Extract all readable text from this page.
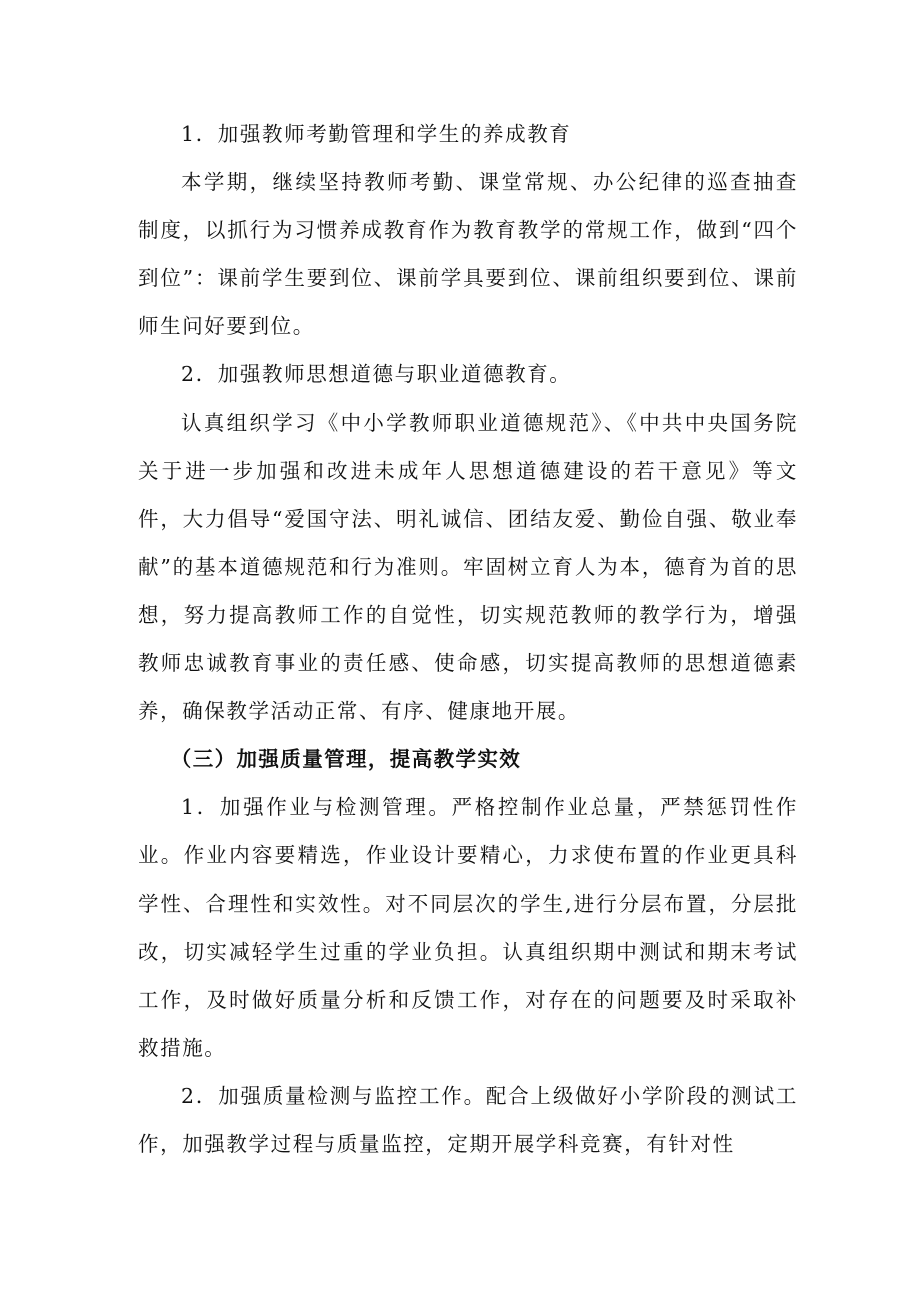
1．加强教师考勤管理和学生的养成教育

本学期，继续坚持教师考勤、课堂常规、办公纪律的巡查抽查制度，以抓行为习惯养成教育作为教育教学的常规工作，做到“四个到位”：课前学生要到位、课前学具要到位、课前组织要到位、课前师生问好要到位。

2．加强教师思想道德与职业道德教育。

认真组织学习《中小学教师职业道德规范》、《中共中央国务院关于进一步加强和改进未成年人思想道德建设的若干意见》等文件，大力倡导“爱国守法、明礼诚信、团结友爱、勤俭自强、敬业奉献”的基本道德规范和行为准则。牢固树立育人为本，德育为首的思想，努力提高教师工作的自觉性，切实规范教师的教学行为，增强教师忠诚教育事业的责任感、使命感，切实提高教师的思想道德素养，确保教学活动正常、有序、健康地开展。

（三）加强质量管理，提高教学实效

1．加强作业与检测管理。严格控制作业总量，严禁惩罚性作业。作业内容要精选，作业设计要精心，力求使布置的作业更具科学性、合理性和实效性。对不同层次的学生,进行分层布置，分层批改，切实减轻学生过重的学业负担。认真组织期中测试和期末考试工作，及时做好质量分析和反馈工作，对存在的问题要及时采取补救措施。

2．加强质量检测与监控工作。配合上级做好小学阶段的测试工作，加强教学过程与质量监控，定期开展学科竞赛，有针对性
